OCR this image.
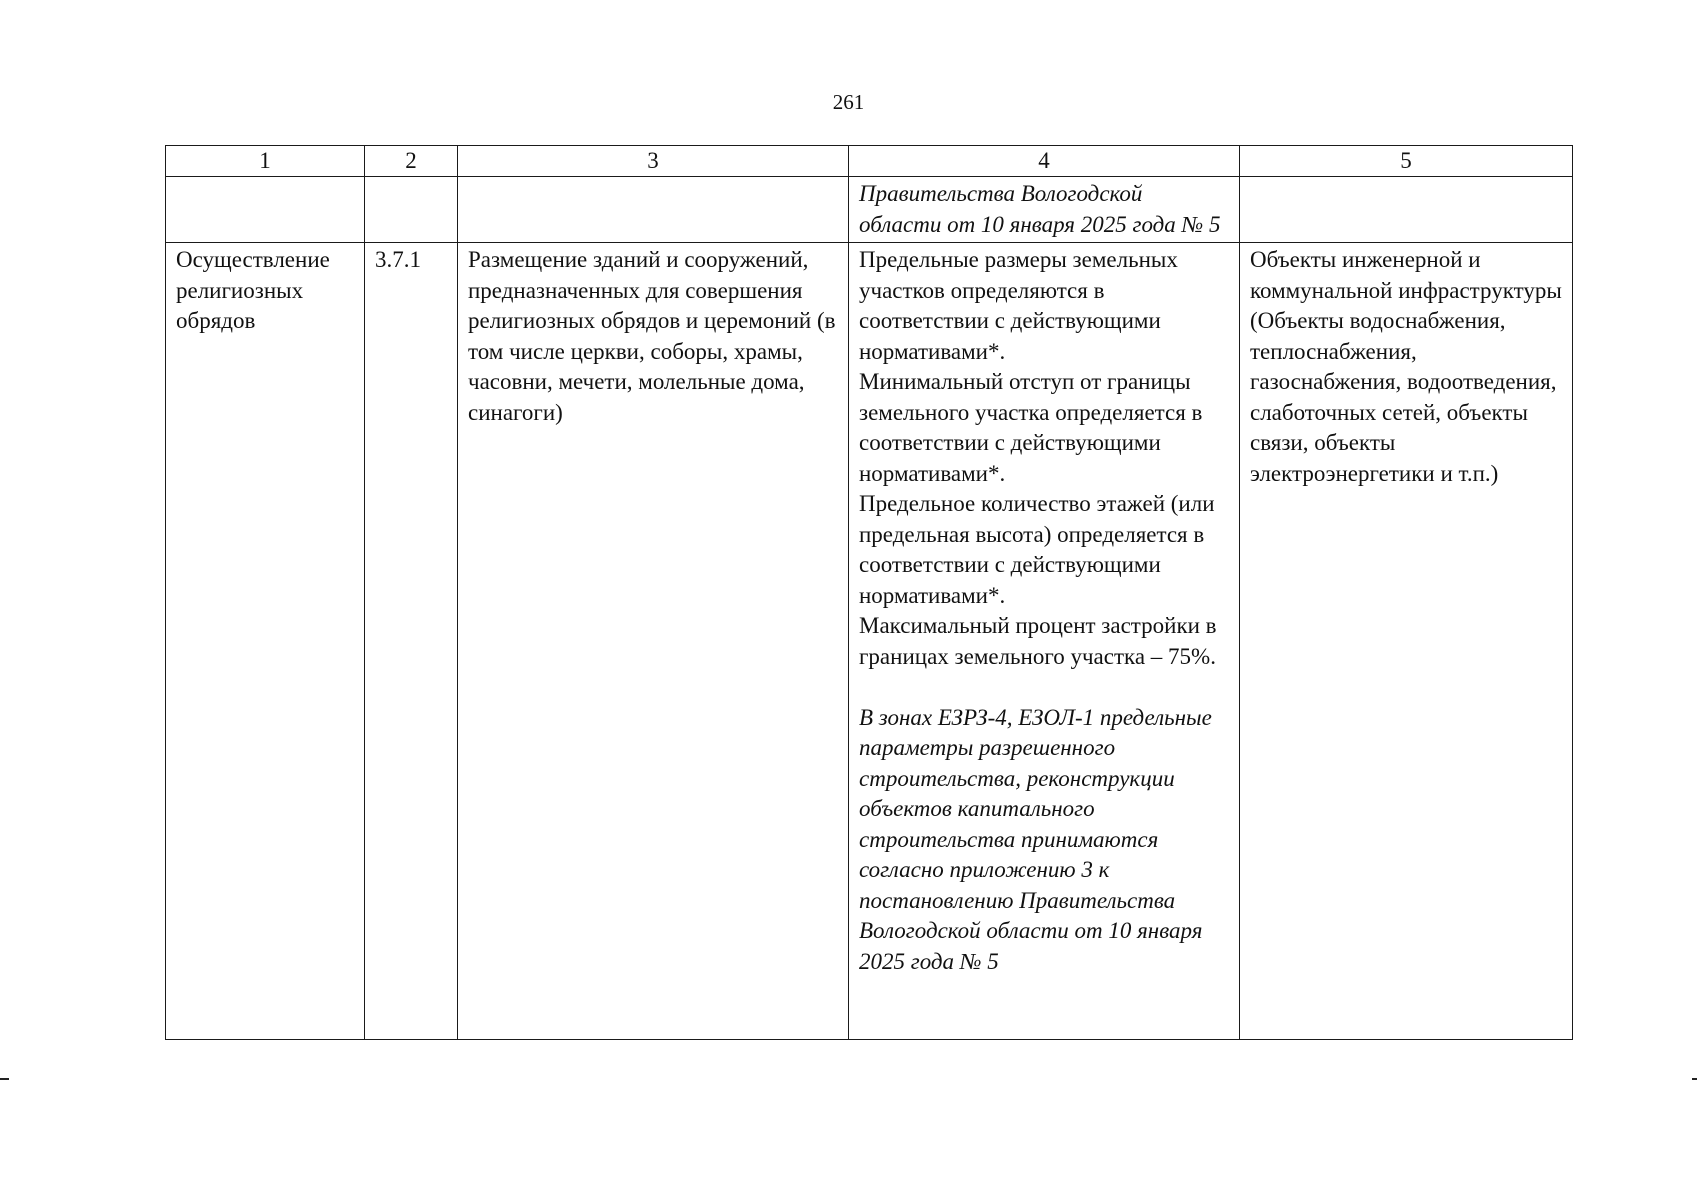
261
1	2	3	4	5
			Правительства Вологодской области от 10 января 2025 года № 5	
Осуществление религиозных обрядов	3.7.1	Размещение зданий и сооружений, предназначенных для совершения религиозных обрядов и церемоний (в том числе церкви, соборы, храмы, часовни, мечети, молельные дома, синагоги)	Предельные размеры земельных участков определяются в соответствии с действующими нормативами*.
Минимальный отступ от границы земельного участка определяется в соответствии с действующими нормативами*.
Предельное количество этажей (или предельная высота) определяется в соответствии с действующими нормативами*.
Максимальный процент застройки в границах земельного участка – 75%.
В зонах ЕЗРЗ-4, ЕЗОЛ-1 предельные параметры разрешенного строительства, реконструкции объектов капитального строительства принимаются согласно приложению 3 к постановлению Правительства Вологодской области от 10 января 2025 года № 5	Объекты инженерной и коммунальной инфраструктуры (Объекты водоснабжения, теплоснабжения, газоснабжения, водоотведения, слаботочных сетей, объекты связи, объекты электроэнергетики и т.п.)
